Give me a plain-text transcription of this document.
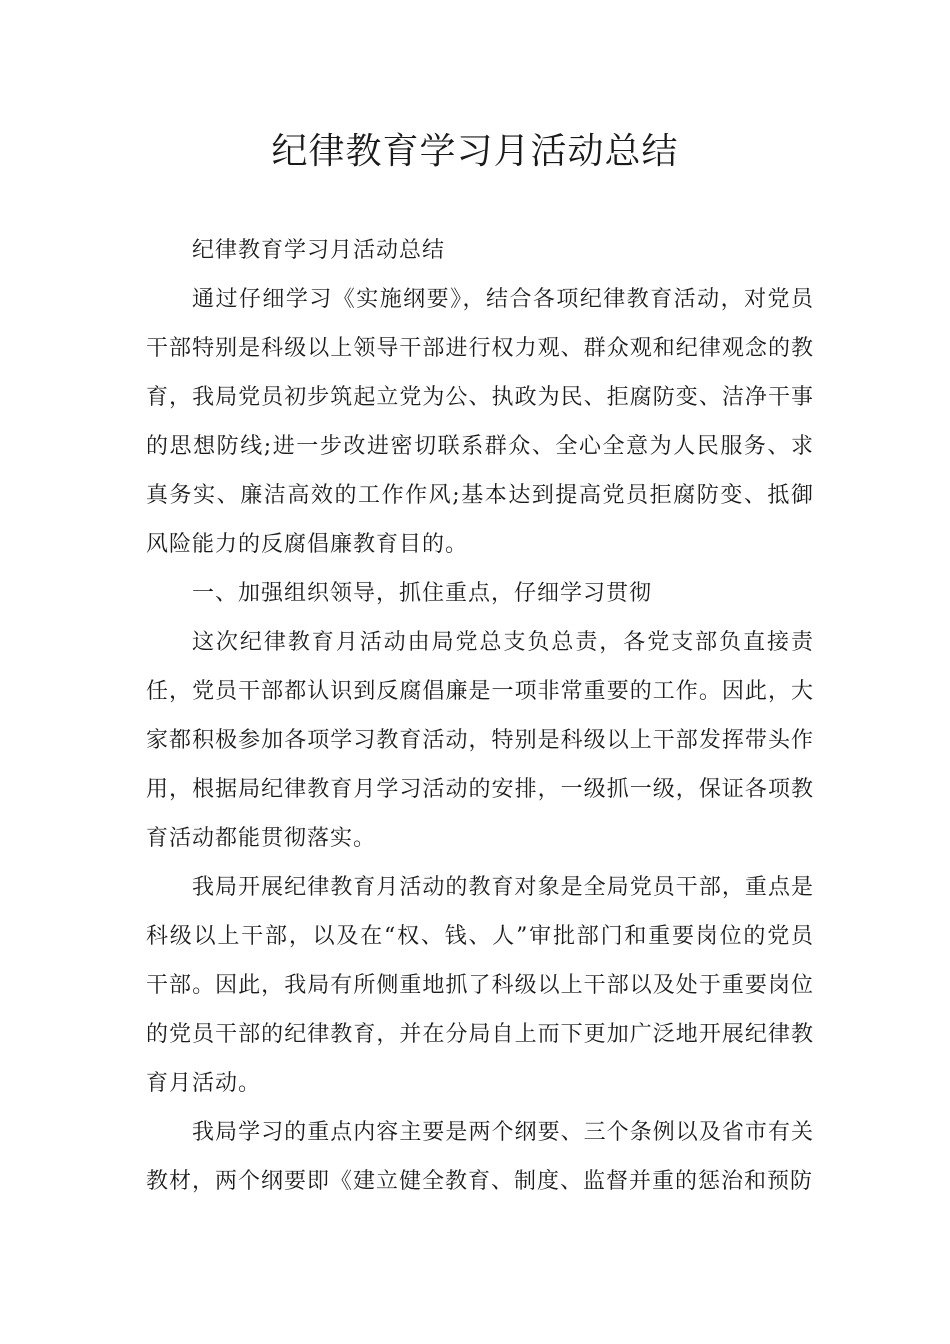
纪律教育学习月活动总结

纪律教育学习月活动总结

通过仔细学习《实施纲要》，结合各项纪律教育活动，对党员干部特别是科级以上领导干部进行权力观、群众观和纪律观念的教育，我局党员初步筑起立党为公、执政为民、拒腐防变、洁净干事的思想防线;进一步改进密切联系群众、全心全意为人民服务、求真务实、廉洁高效的工作作风;基本达到提高党员拒腐防变、抵御风险能力的反腐倡廉教育目的。

一、加强组织领导，抓住重点，仔细学习贯彻

这次纪律教育月活动由局党总支负总责，各党支部负直接责任，党员干部都认识到反腐倡廉是一项非常重要的工作。因此，大家都积极参加各项学习教育活动，特别是科级以上干部发挥带头作用，根据局纪律教育月学习活动的安排，一级抓一级，保证各项教育活动都能贯彻落实。

我局开展纪律教育月活动的教育对象是全局党员干部，重点是科级以上干部，以及在“权、钱、人”审批部门和重要岗位的党员干部。因此，我局有所侧重地抓了科级以上干部以及处于重要岗位的党员干部的纪律教育，并在分局自上而下更加广泛地开展纪律教育月活动。

我局学习的重点内容主要是两个纲要、三个条例以及省市有关教材，两个纲要即《建立健全教育、制度、监督并重的惩治和预防
